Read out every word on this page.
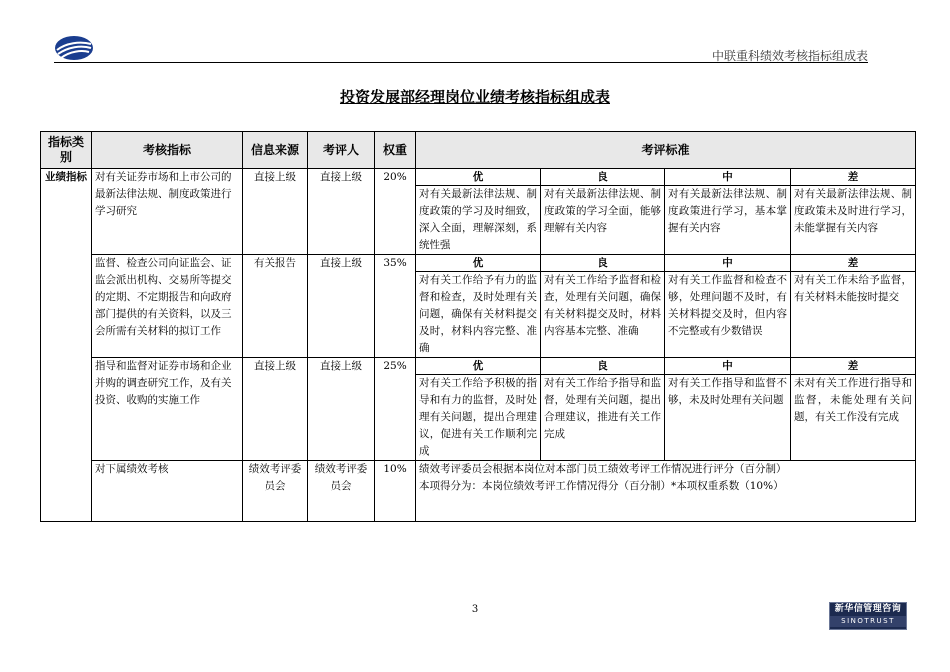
中联重科绩效考核指标组成表
投资发展部经理岗位业绩考核指标组成表
指标类别	考核指标	信息来源	考评人	权重	考评标准			
业绩指标	对有关证券市场和上市公司的最新法律法规、制度政策进行学习研究	直接上级	直接上级	20%	优	良	中	差
					对有关最新法律法规、制度政策的学习及时细致，深入全面，理解深刻，系统性强	对有关最新法律法规、制度政策的学习全面，能够理解有关内容	对有关最新法律法规、制度政策进行学习，基本掌握有关内容	对有关最新法律法规、制度政策未及时进行学习，未能掌握有关内容
	监督、检查公司向证监会、证监会派出机构、交易所等提交的定期、不定期报告和向政府部门提供的有关资料，以及三会所需有关材料的拟订工作	有关报告	直接上级	35%	优	良	中	差
					对有关工作给予有力的监督和检查，及时处理有关问题，确保有关材料提交及时，材料内容完整、准确	对有关工作给予监督和检查，处理有关问题，确保有关材料提交及时，材料内容基本完整、准确	对有关工作监督和检查不够，处理问题不及时，有关材料提交及时，但内容不完整或有少数错误	对有关工作未给予监督，有关材料未能按时提交
	指导和监督对证券市场和企业并购的调查研究工作，及有关投资、收购的实施工作	直接上级	直接上级	25%	优	良	中	差
					对有关工作给予积极的指导和有力的监督，及时处理有关问题，提出合理建议，促进有关工作顺利完成	对有关工作给予指导和监督，处理有关问题，提出合理建议，推进有关工作完成	对有关工作指导和监督不够，未及时处理有关问题	未对有关工作进行指导和监督，未能处理有关问题，有关工作没有完成
	对下属绩效考核	绩效考评委员会	绩效考评委员会	10%	绩效考评委员会根据本岗位对本部门员工绩效考评工作情况进行评分（百分制）
本项得分为：本岗位绩效考评工作情况得分（百分制）*本项权重系数（10%）			
3	新华信管理咨询
SINOTRUST
